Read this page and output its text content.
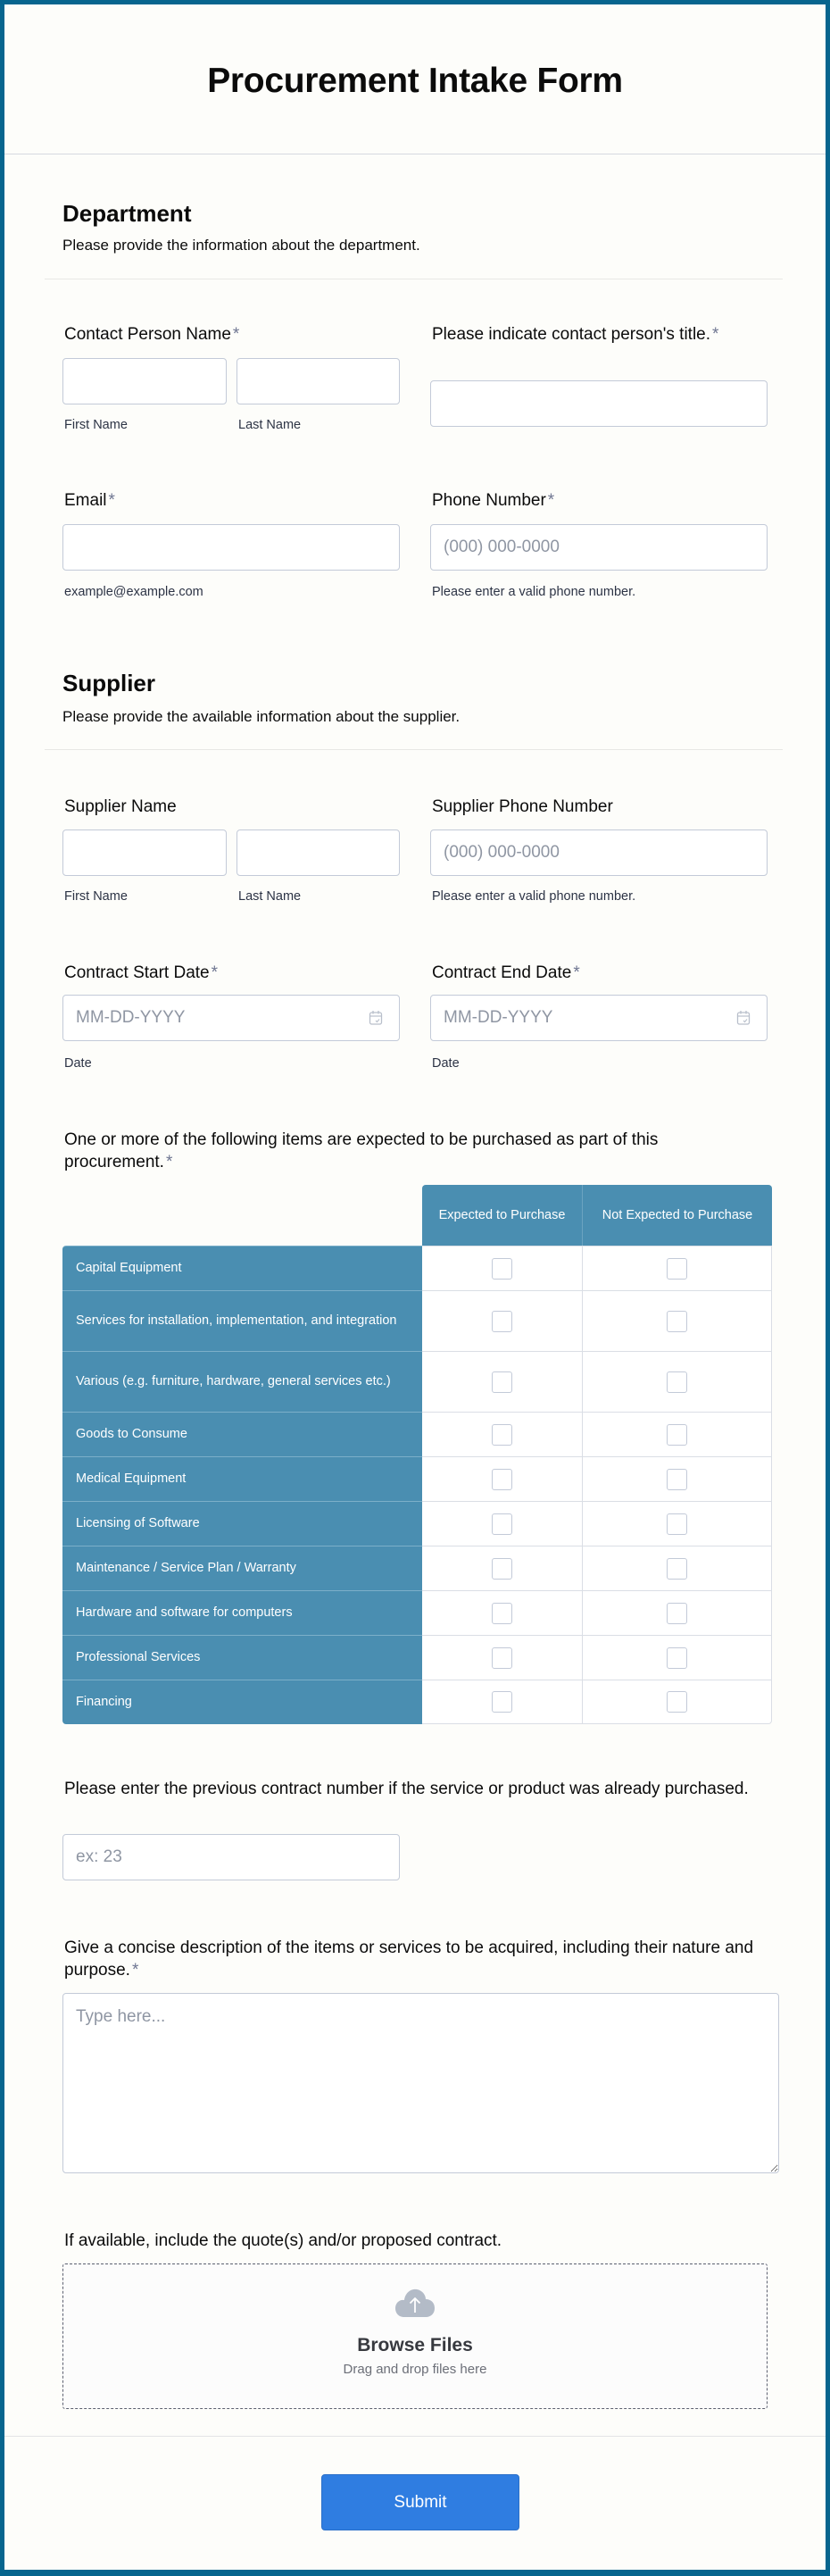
Procurement Intake Form
Department
Please provide the information about the department.
Contact Person Name *
First Name	Last Name
Please indicate contact person's title. *
Email *
example@example.com
Phone Number *
(000) 000-0000
Please enter a valid phone number.
Supplier
Please provide the available information about the supplier.
Supplier Name
First Name	Last Name
Supplier Phone Number
(000) 000-0000
Please enter a valid phone number.
Contract Start Date *
MM-DD-YYYY
Date
Contract End Date *
MM-DD-YYYY
Date
One or more of the following items are expected to be purchased as part of this procurement. *
	Expected to Purchase	Not Expected to Purchase
Capital Equipment		
Services for installation, implementation, and integration		
Various (e.g. furniture, hardware, general services etc.)		
Goods to Consume		
Medical Equipment		
Licensing of Software		
Maintenance / Service Plan / Warranty		
Hardware and software for computers		
Professional Services		
Financing		
Please enter the previous contract number if the service or product was already purchased.
ex: 23
Give a concise description of the items or services to be acquired, including their nature and purpose. *
Type here...
If available, include the quote(s) and/or proposed contract.
Browse Files
Drag and drop files here
Submit
